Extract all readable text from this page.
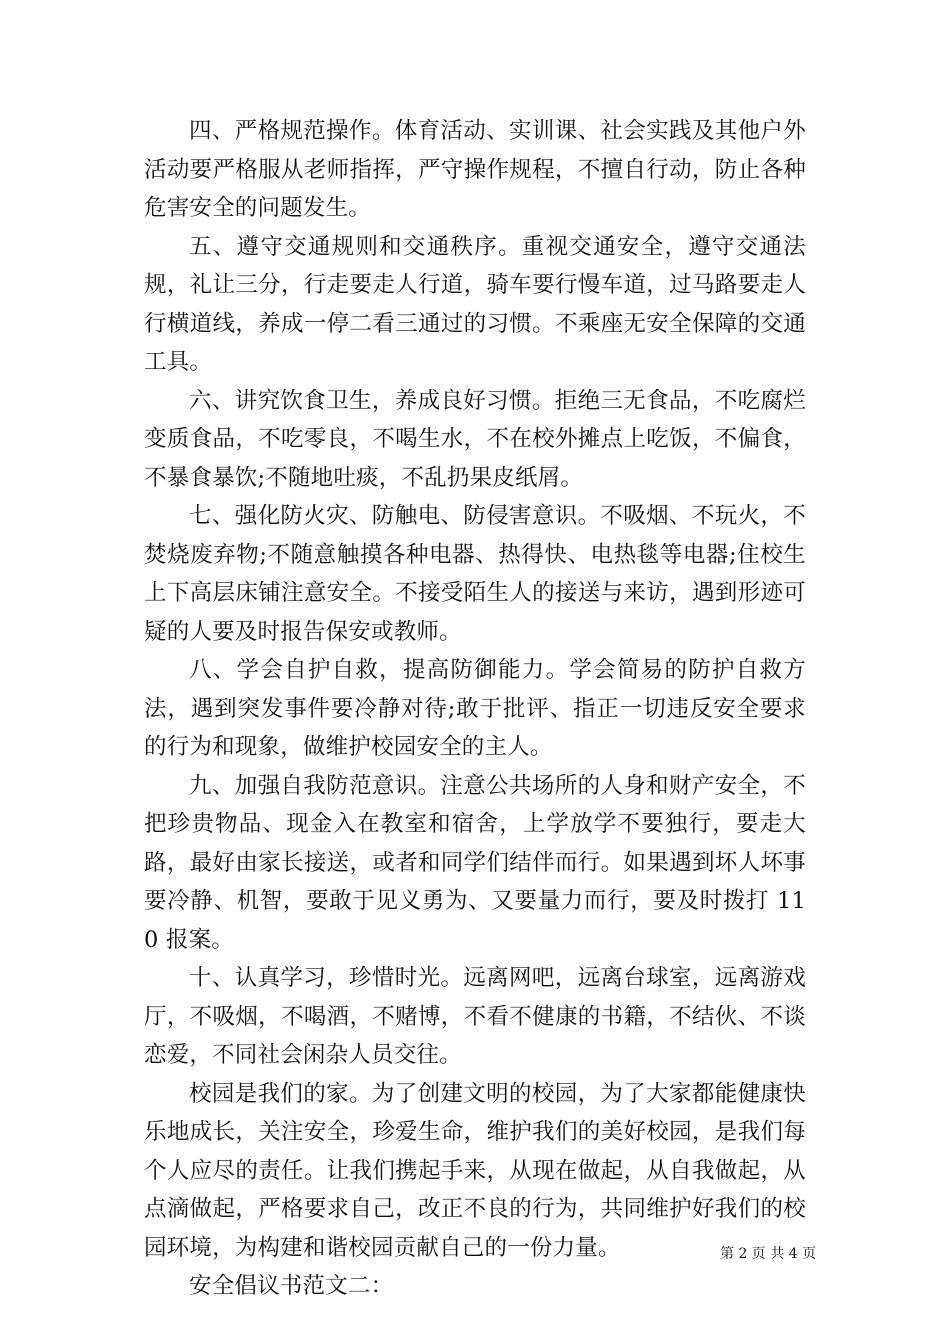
四、严格规范操作。体育活动、实训课、社会实践及其他户外活动要严格服从老师指挥，严守操作规程，不擅自行动，防止各种危害安全的问题发生。

五、遵守交通规则和交通秩序。重视交通安全，遵守交通法规，礼让三分，行走要走人行道，骑车要行慢车道，过马路要走人行横道线，养成一停二看三通过的习惯。不乘座无安全保障的交通工具。

六、讲究饮食卫生，养成良好习惯。拒绝三无食品，不吃腐烂变质食品，不吃零良，不喝生水，不在校外摊点上吃饭，不偏食，不暴食暴饮;不随地吐痰，不乱扔果皮纸屑。

七、强化防火灾、防触电、防侵害意识。不吸烟、不玩火，不焚烧废弃物;不随意触摸各种电器、热得快、电热毯等电器;住校生上下高层床铺注意安全。不接受陌生人的接送与来访，遇到形迹可疑的人要及时报告保安或教师。

八、学会自护自救，提高防御能力。学会简易的防护自救方法，遇到突发事件要冷静对待;敢于批评、指正一切违反安全要求的行为和现象，做维护校园安全的主人。

九、加强自我防范意识。注意公共场所的人身和财产安全，不把珍贵物品、现金入在教室和宿舍，上学放学不要独行，要走大路，最好由家长接送，或者和同学们结伴而行。如果遇到坏人坏事要冷静、机智，要敢于见义勇为、又要量力而行，要及时拨打 110 报案。

十、认真学习，珍惜时光。远离网吧，远离台球室，远离游戏厅，不吸烟，不喝酒，不赌博，不看不健康的书籍，不结伙、不谈恋爱，不同社会闲杂人员交往。

校园是我们的家。为了创建文明的校园，为了大家都能健康快乐地成长，关注安全，珍爱生命，维护我们的美好校园，是我们每个人应尽的责任。让我们携起手来，从现在做起，从自我做起，从点滴做起，严格要求自己，改正不良的行为，共同维护好我们的校园环境，为构建和谐校园贡献自己的一份力量。

安全倡议书范文二：

第 2 页 共 4 页
